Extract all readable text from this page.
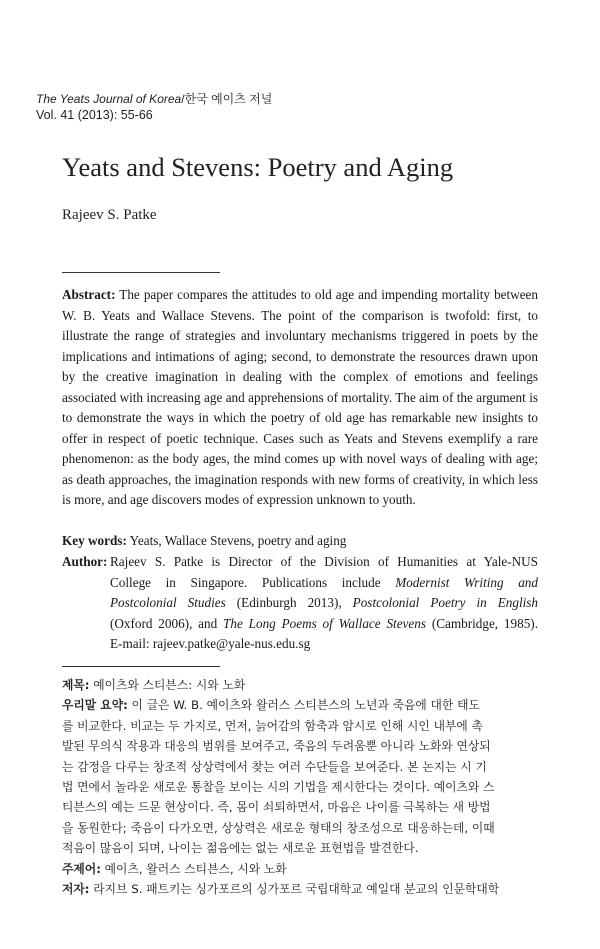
The Yeats Journal of Korea/한국 예이츠 저널
Vol. 41 (2013): 55-66
Yeats and Stevens: Poetry and Aging
Rajeev S. Patke

Abstract: The paper compares the attitudes to old age and impending mortality between W. B. Yeats and Wallace Stevens. The point of the comparison is twofold: first, to illustrate the range of strategies and involuntary mechanisms triggered in poets by the implications and intimations of aging; second, to demonstrate the resources drawn upon by the creative imagination in dealing with the complex of emotions and feelings associated with increasing age and apprehensions of mortality. The aim of the argument is to demonstrate the ways in which the poetry of old age has remarkable new insights to offer in respect of poetic technique. Cases such as Yeats and Stevens exemplify a rare phenomenon: as the body ages, the mind comes up with novel ways of dealing with age; as death approaches, the imagination responds with new forms of creativity, in which less is more, and age discovers modes of expression unknown to youth.

Key words: Yeats, Wallace Stevens, poetry and aging
Author: Rajeev S. Patke is Director of the Division of Humanities at Yale-NUS
College in Singapore. Publications include Modernist Writing and
Postcolonial Studies (Edinburgh 2013), Postcolonial Poetry in English
(Oxford 2006), and The Long Poems of Wallace Stevens (Cambridge, 1985).
E-mail: rajeev.patke@yale-nus.edu.sg
제목: 예이츠와 스티븐스: 시와 노화
우리말 요약: 이 글은 W. B. 예이츠와 왈러스 스티븐스의 노년과 죽음에 대한 태도
를 비교한다. 비교는 두 가지로, 먼저, 늙어감의 함축과 암시로 인해 시인 내부에 촉
발된 무의식 작용과 대응의 범위를 보여주고, 죽음의 두려움뿐 아니라 노화와 연상되
는 감정을 다루는 창조적 상상력에서 찾는 여러 수단들을 보여준다. 본 논지는 시 기
법 면에서 놀라운 새로운 통찰을 보이는 시의 기법을 제시한다는 것이다. 예이츠와 스
티븐스의 예는 드문 현상이다. 즉, 몸이 쇠퇴하면서, 마음은 나이를 극복하는 새 방법
을 동원한다; 죽음이 다가오면, 상상력은 새로운 형태의 창조성으로 대응하는데, 이때
적음이 많음이 되며, 나이는 젊음에는 없는 새로운 표현법을 발견한다.
주제어: 예이츠, 왈러스 스티븐스, 시와 노화
저자: 라지브 S. 패트키는 싱가포르의 싱가포르 국립대학교 예일대 분교의 인문학대학
